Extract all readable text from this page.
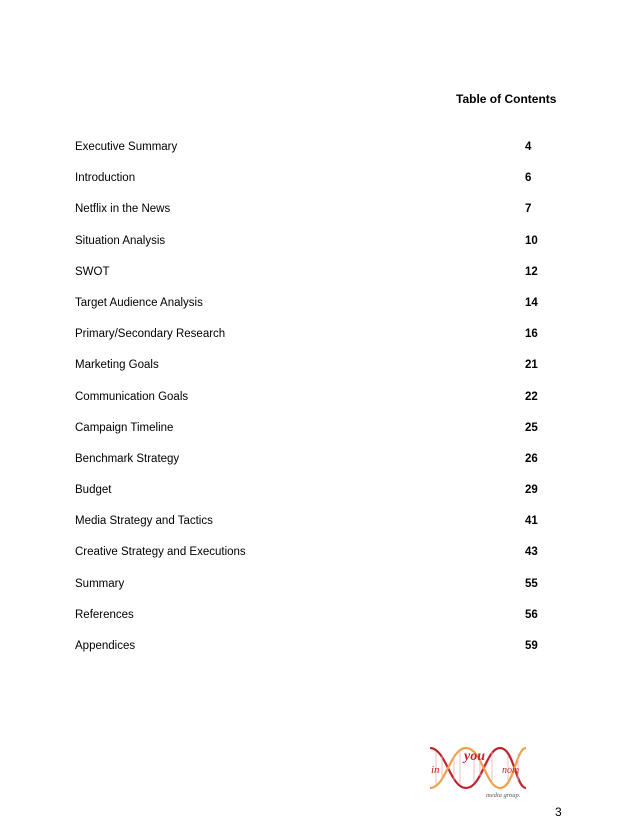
Table of Contents
Executive Summary	4
Introduction	6
Netflix in the News	7
Situation Analysis	10
SWOT	12
Target Audience Analysis	14
Primary/Secondary Research	16
Marketing Goals	21
Communication Goals	22
Campaign Timeline	25
Benchmark Strategy	26
Budget	29
Media Strategy and Tactics	41
Creative Strategy and Executions	43
Summary	55
References	56
Appendices	59
in
you
nom
media group.
3
